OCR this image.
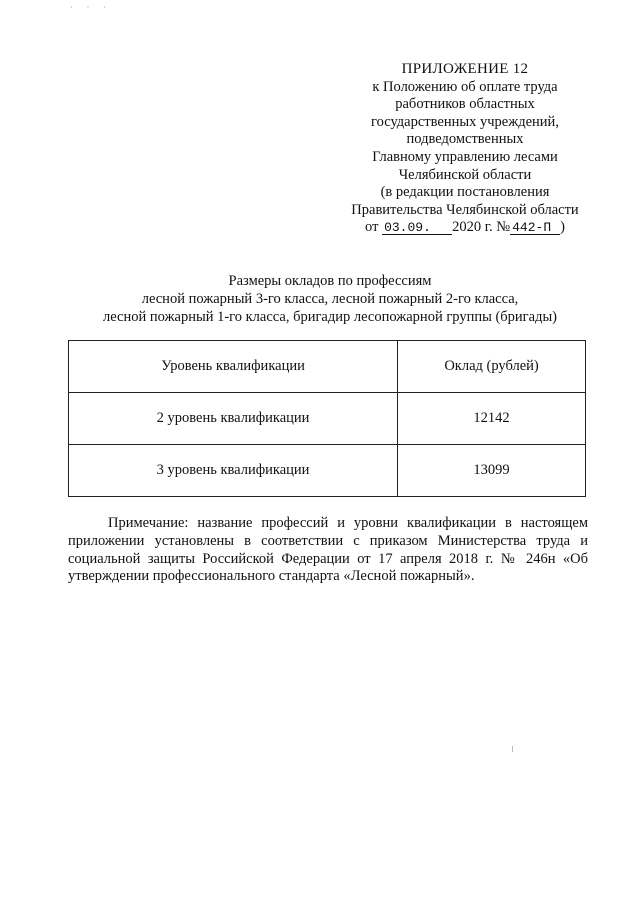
· · ·
ПРИЛОЖЕНИЕ 12
к Положению об оплате труда
работников областных
государственных учреждений,
подведомственных
Главному управлению лесами
Челябинской области
(в редакции постановления
Правительства Челябинской области
от 03.09. 2020 г. № 442-П )
Размеры окладов по профессиям
лесной пожарный 3-го класса, лесной пожарный 2-го класса,
лесной пожарный 1-го класса, бригадир лесопожарной группы (бригады)
Уровень квалификации	Оклад (рублей)
2 уровень квалификации	12142
3 уровень квалификации	13099

Примечание: название профессий и уровни квалификации в настоящем приложении установлены в соответствии с приказом Министерства труда и социальной защиты Российской Федерации от 17 апреля 2018 г. № 246н «Об утверждении профессионального стандарта «Лесной пожарный».
